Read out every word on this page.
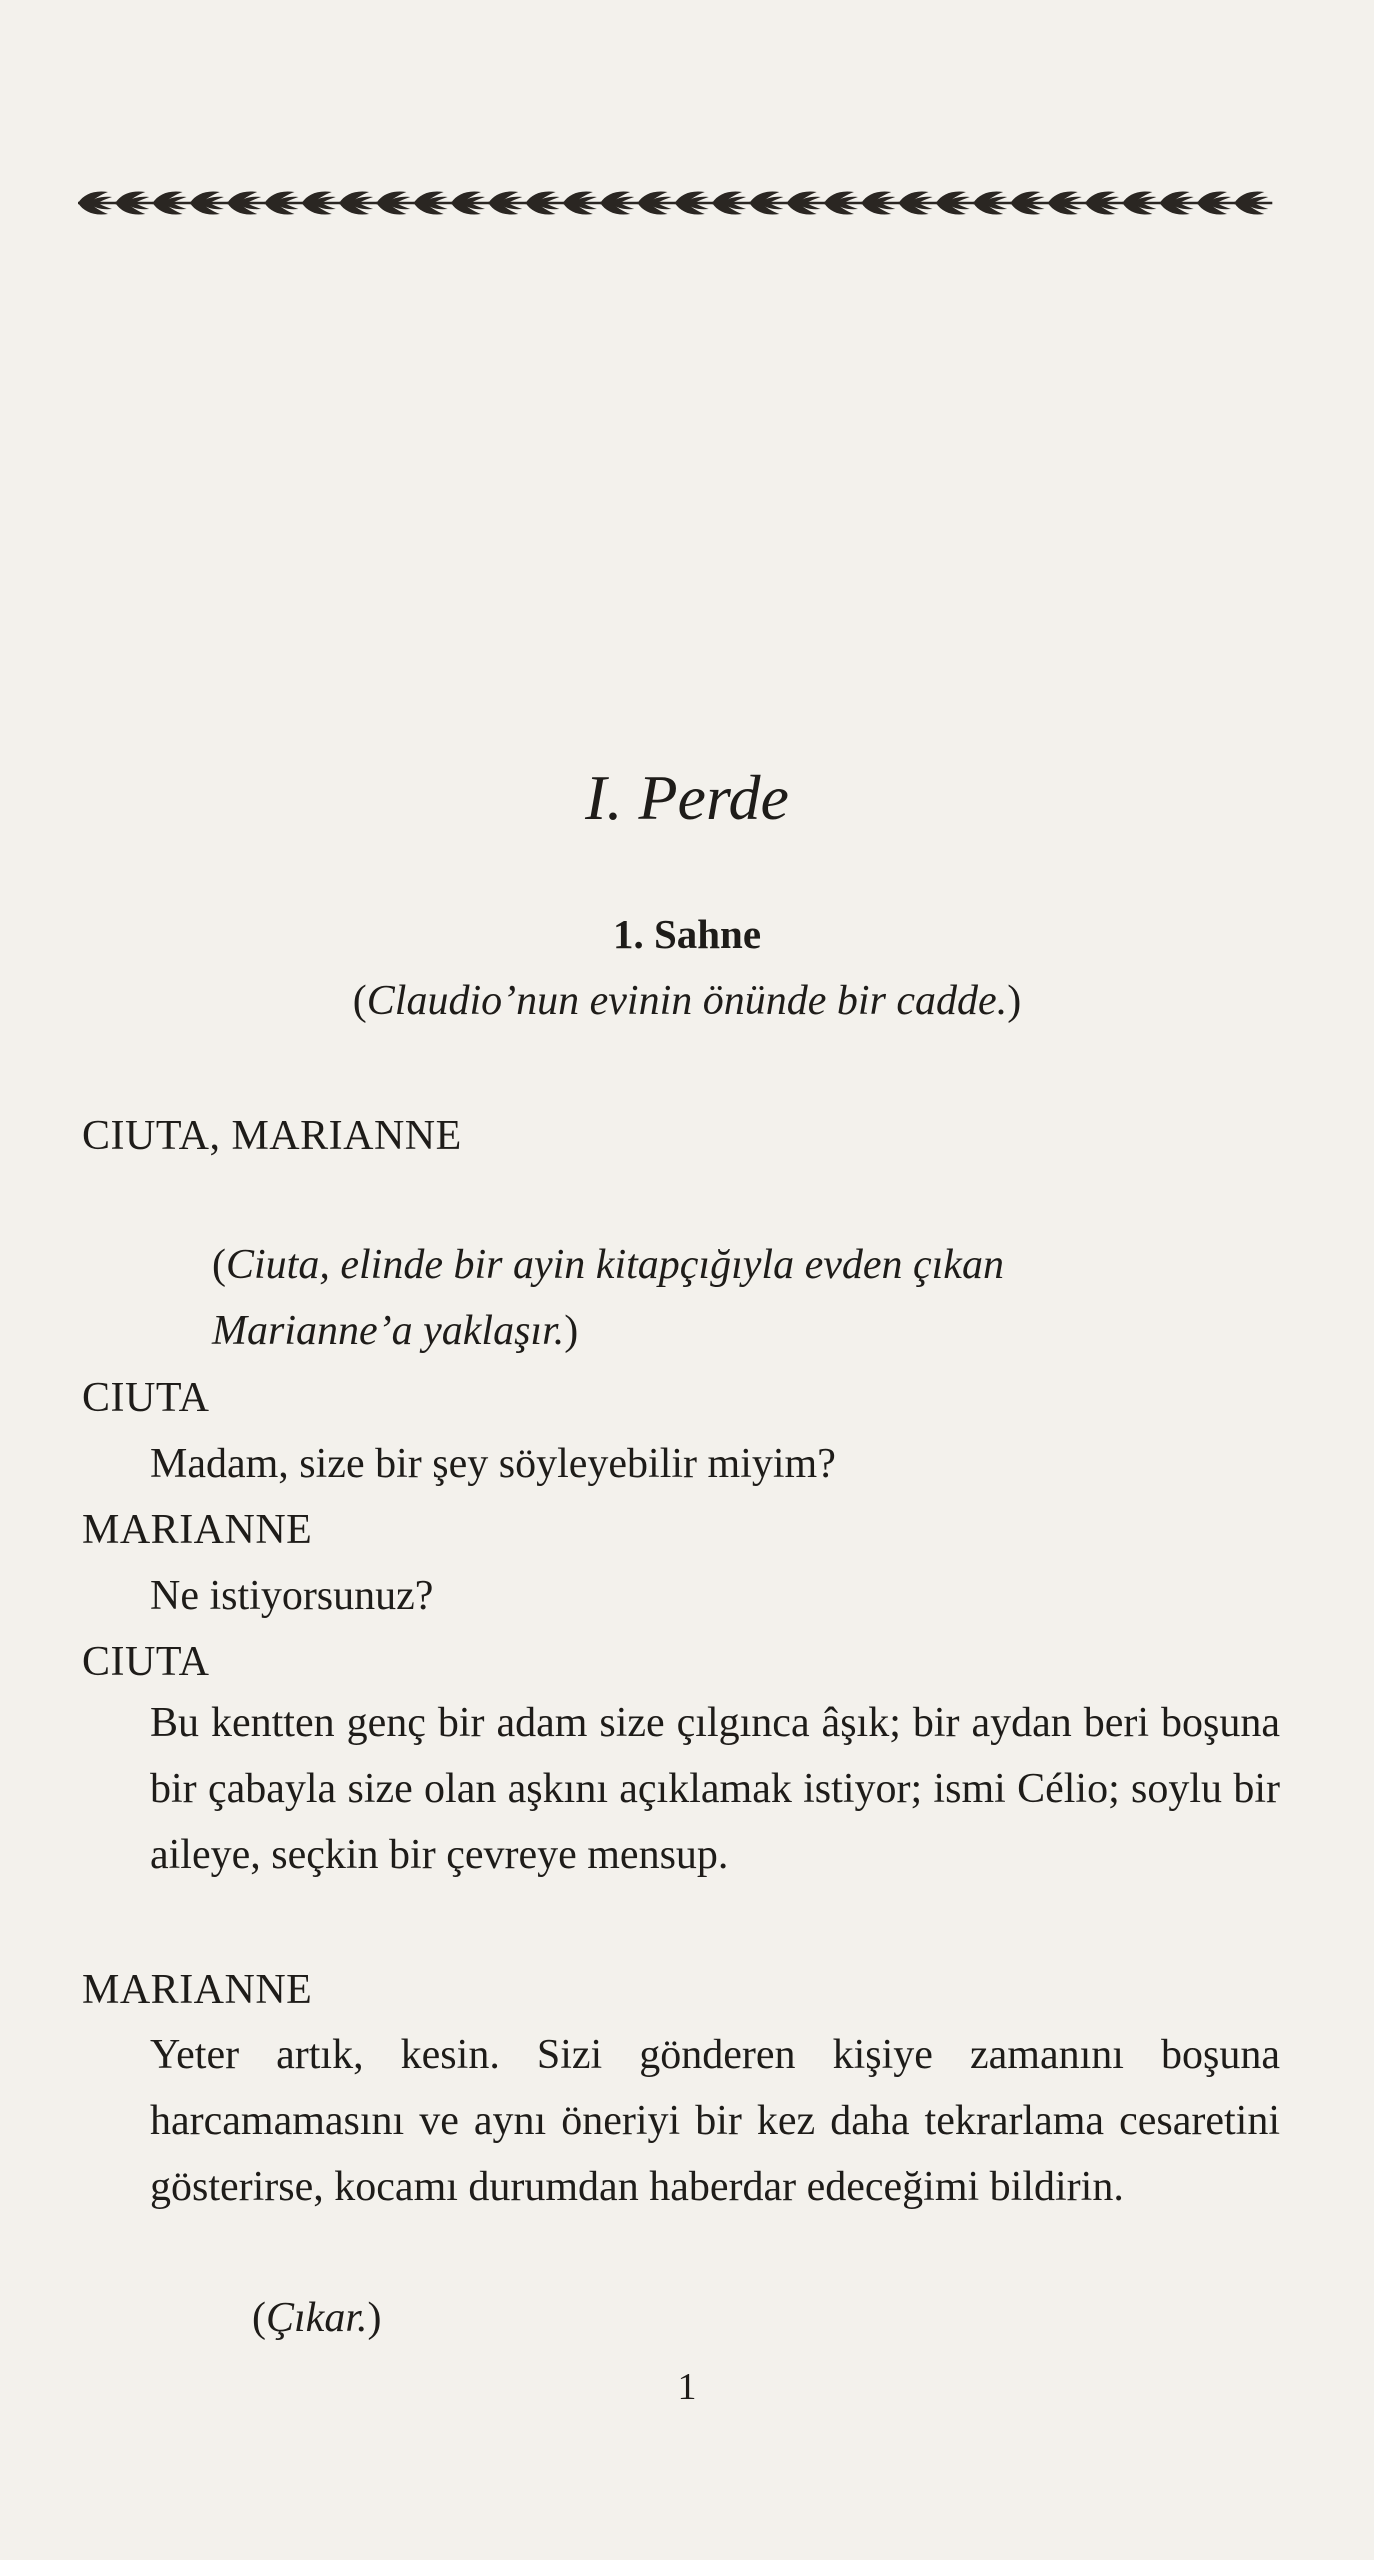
I. Perde
1. Sahne
(Claudio’nun evinin önünde bir cadde.)
CIUTA, MARIANNE
(Ciuta, elinde bir ayin kitapçığıyla evden çıkan
Marianne’a yaklaşır.)
CIUTA
Madam, size bir şey söyleyebilir miyim?
MARIANNE
Ne istiyorsunuz?
CIUTA
Bu kentten genç bir adam size çılgınca âşık; bir aydan beri boşuna bir çabayla size olan aşkını açıklamak istiyor; ismi Célio; soylu bir aileye, seçkin bir çevreye mensup.
MARIANNE
Yeter artık, kesin. Sizi gönderen kişiye zamanını boşuna harcamamasını ve aynı öneriyi bir kez daha tekrarlama cesaretini gösterirse, kocamı durumdan haberdar edeceğimi bildirin.
(Çıkar.)
1
